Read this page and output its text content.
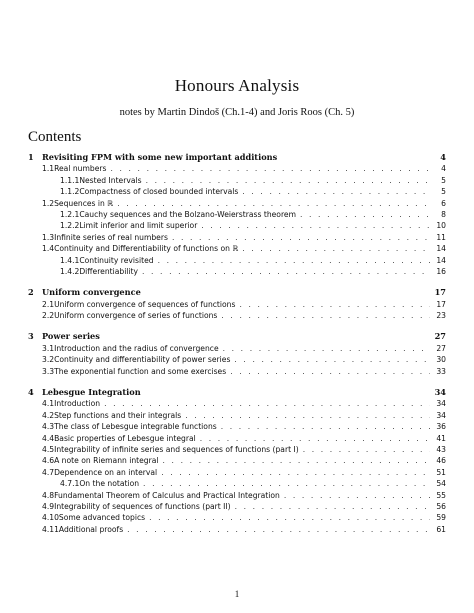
Honours Analysis
notes by Martin Dindoš (Ch.1-4) and Joris Roos (Ch. 5)
Contents
1	Revisiting FPM with some new important additions	4
1.1 Real numbers . . .	4
1.1.1 Nested Intervals . . .	5
1.1.2 Compactness of closed bounded intervals . . .	5
1.2 Sequences in ℝ . . .	6
1.2.1 Cauchy sequences and the Bolzano-Weierstrass theorem . . .	8
1.2.2 Limit inferior and limit superior . . .	10
1.3 Infinite series of real numbers . . .	11
1.4 Continuity and Differentiability of functions on ℝ . . .	14
1.4.1 Continuity revisited . . .	14
1.4.2 Differentiability . . .	16
2	Uniform convergence	17
2.1 Uniform convergence of sequences of functions . . .	17
2.2 Uniform convergence of series of functions . . .	23
3	Power series	27
3.1 Introduction and the radius of convergence . . .	27
3.2 Continuity and differentiability of power series . . .	30
3.3 The exponential function and some exercises . . .	33
4	Lebesgue Integration	34
4.1 Introduction . . .	34
4.2 Step functions and their integrals . . .	34
4.3 The class of Lebesgue integrable functions . . .	36
4.4 Basic properties of Lebesgue integral . . .	41
4.5 Integrability of infinite series and sequences of functions (part I) . . .	43
4.6 A note on Riemann integral . . .	46
4.7 Dependence on an interval . . .	51
4.7.1 On the notation . . .	54
4.8 Fundamental Theorem of Calculus and Practical Integration . . .	55
4.9 Integrability of sequences of functions (part II) . . .	56
4.10 Some advanced topics . . .	59
4.11 Additional proofs . . .	61
1
